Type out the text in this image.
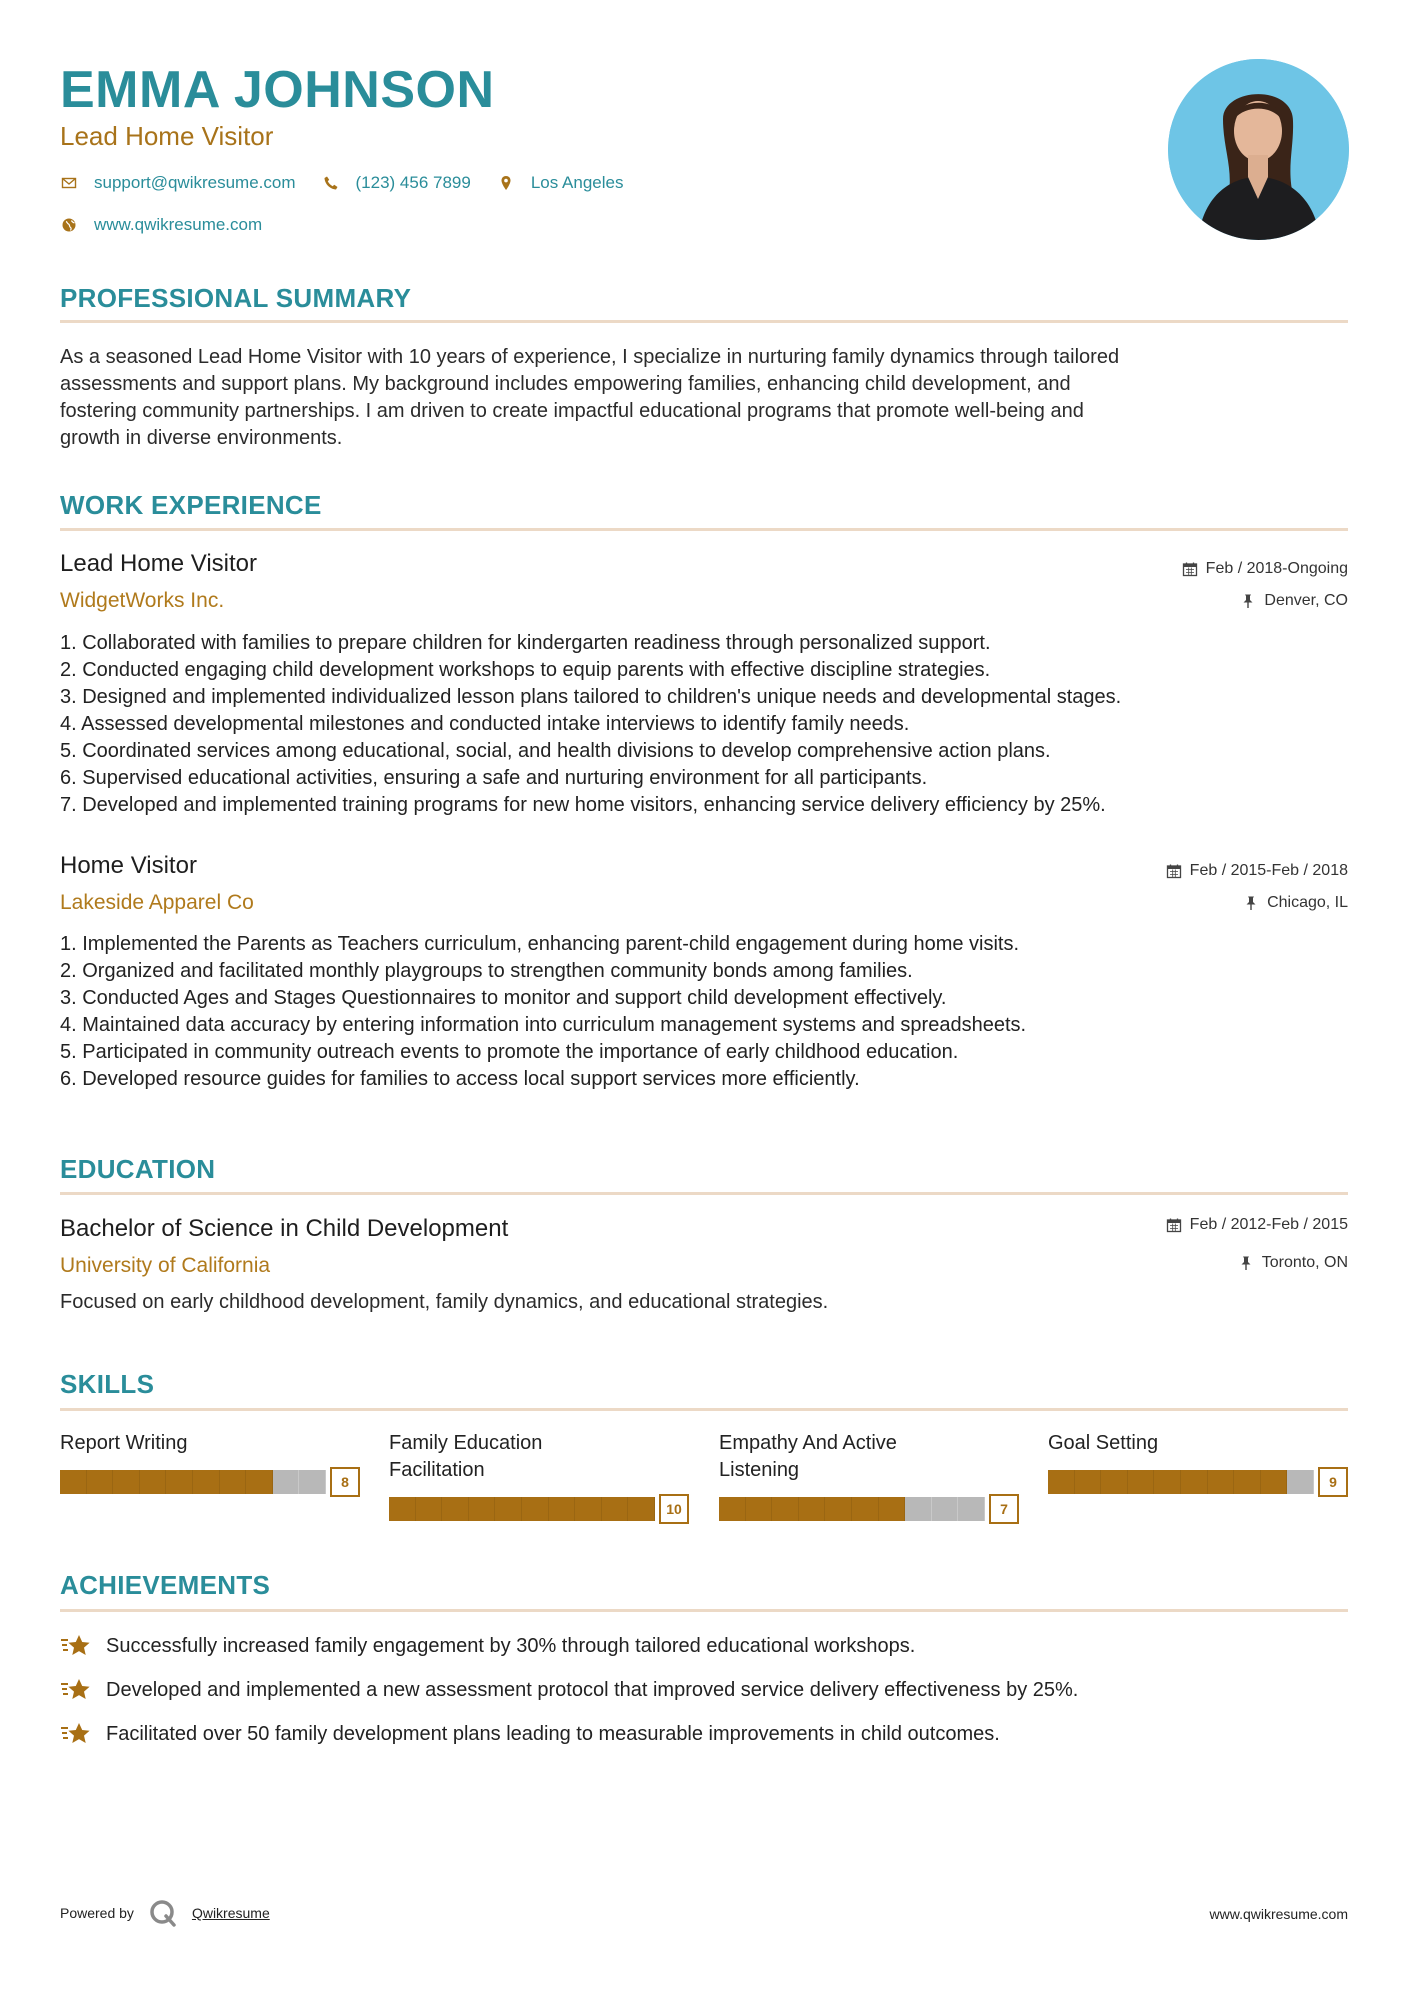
EMMA JOHNSON
Lead Home Visitor
support@qwikresume.com	(123) 456 7899	Los Angeles
www.qwikresume.com
PROFESSIONAL SUMMARY
As a seasoned Lead Home Visitor with 10 years of experience, I specialize in nurturing family dynamics through tailored
assessments and support plans. My background includes empowering families, enhancing child development, and
fostering community partnerships. I am driven to create impactful educational programs that promote well-being and
growth in diverse environments.
WORK EXPERIENCE
Lead Home Visitor	Feb / 2018-Ongoing
WidgetWorks Inc.	Denver, CO
1. Collaborated with families to prepare children for kindergarten readiness through personalized support.
2. Conducted engaging child development workshops to equip parents with effective discipline strategies.
3. Designed and implemented individualized lesson plans tailored to children's unique needs and developmental stages.
4. Assessed developmental milestones and conducted intake interviews to identify family needs.
5. Coordinated services among educational, social, and health divisions to develop comprehensive action plans.
6. Supervised educational activities, ensuring a safe and nurturing environment for all participants.
7. Developed and implemented training programs for new home visitors, enhancing service delivery efficiency by 25%.
Home Visitor	Feb / 2015-Feb / 2018
Lakeside Apparel Co	Chicago, IL
1. Implemented the Parents as Teachers curriculum, enhancing parent-child engagement during home visits.
2. Organized and facilitated monthly playgroups to strengthen community bonds among families.
3. Conducted Ages and Stages Questionnaires to monitor and support child development effectively.
4. Maintained data accuracy by entering information into curriculum management systems and spreadsheets.
5. Participated in community outreach events to promote the importance of early childhood education.
6. Developed resource guides for families to access local support services more efficiently.
EDUCATION
Bachelor of Science in Child Development	Feb / 2012-Feb / 2015
University of California	Toronto, ON
Focused on early childhood development, family dynamics, and educational strategies.
SKILLS
Report Writing
8
Family Education
Facilitation
10
Empathy And Active
Listening
7
Goal Setting
9
ACHIEVEMENTS
Successfully increased family engagement by 30% through tailored educational workshops.
Developed and implemented a new assessment protocol that improved service delivery effectiveness by 25%.
Facilitated over 50 family development plans leading to measurable improvements in child outcomes.
Powered by	Qwikresume	www.qwikresume.com
